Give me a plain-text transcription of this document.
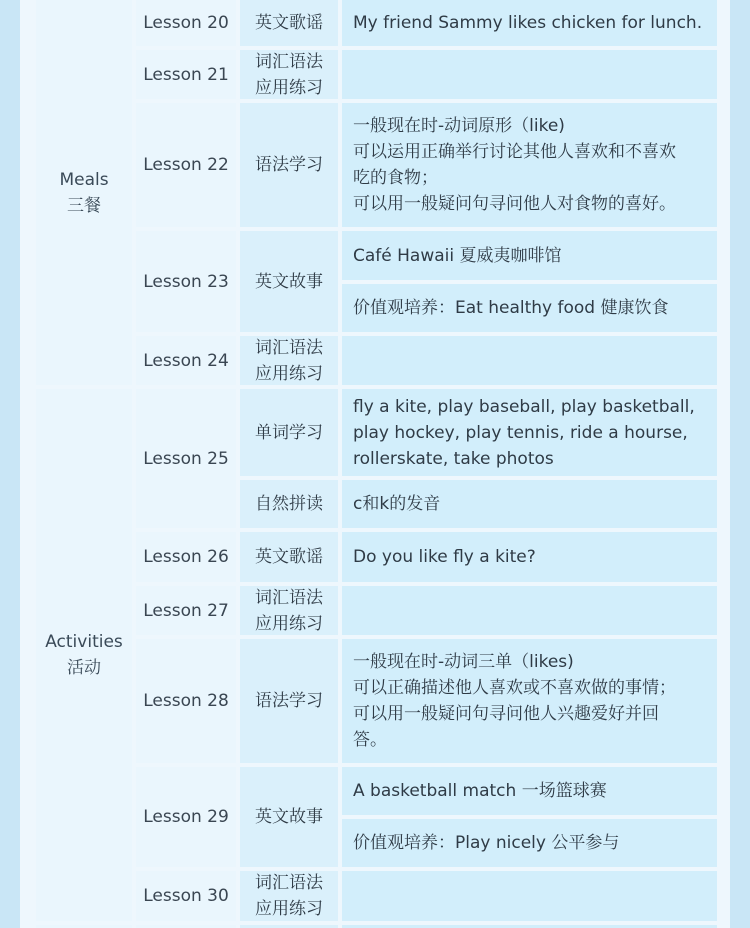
Meals
三餐
Activities
活动
Lesson 20 英文歌谣 My friend Sammy likes chicken for lunch.
Lesson 21
词汇语法
应用练习
Lesson 22 语法学习
一般现在时-动词原形（like)
可以运用正确举行讨论其他人喜欢和不喜欢
吃的食物；
可以用一般疑问句寻问他人对食物的喜好。
Lesson 23 英文故事
Café Hawaii 夏威夷咖啡馆
价值观培养：Eat healthy food 健康饮食
Lesson 24
词汇语法
应用练习
Lesson 25
单词学习
fly a kite, play baseball, play basketball,
play hockey, play tennis, ride a hourse,
rollerskate, take photos
自然拼读 c和k的发音
Lesson 26 英文歌谣 Do you like fly a kite?
Lesson 27
词汇语法
应用练习
Lesson 28 语法学习
一般现在时-动词三单（likes)
可以正确描述他人喜欢或不喜欢做的事情；
可以用一般疑问句寻问他人兴趣爱好并回
答。
Lesson 29 英文故事
A basketball match 一场篮球赛
价值观培养：Play nicely 公平参与
Lesson 30
词汇语法
应用练习
